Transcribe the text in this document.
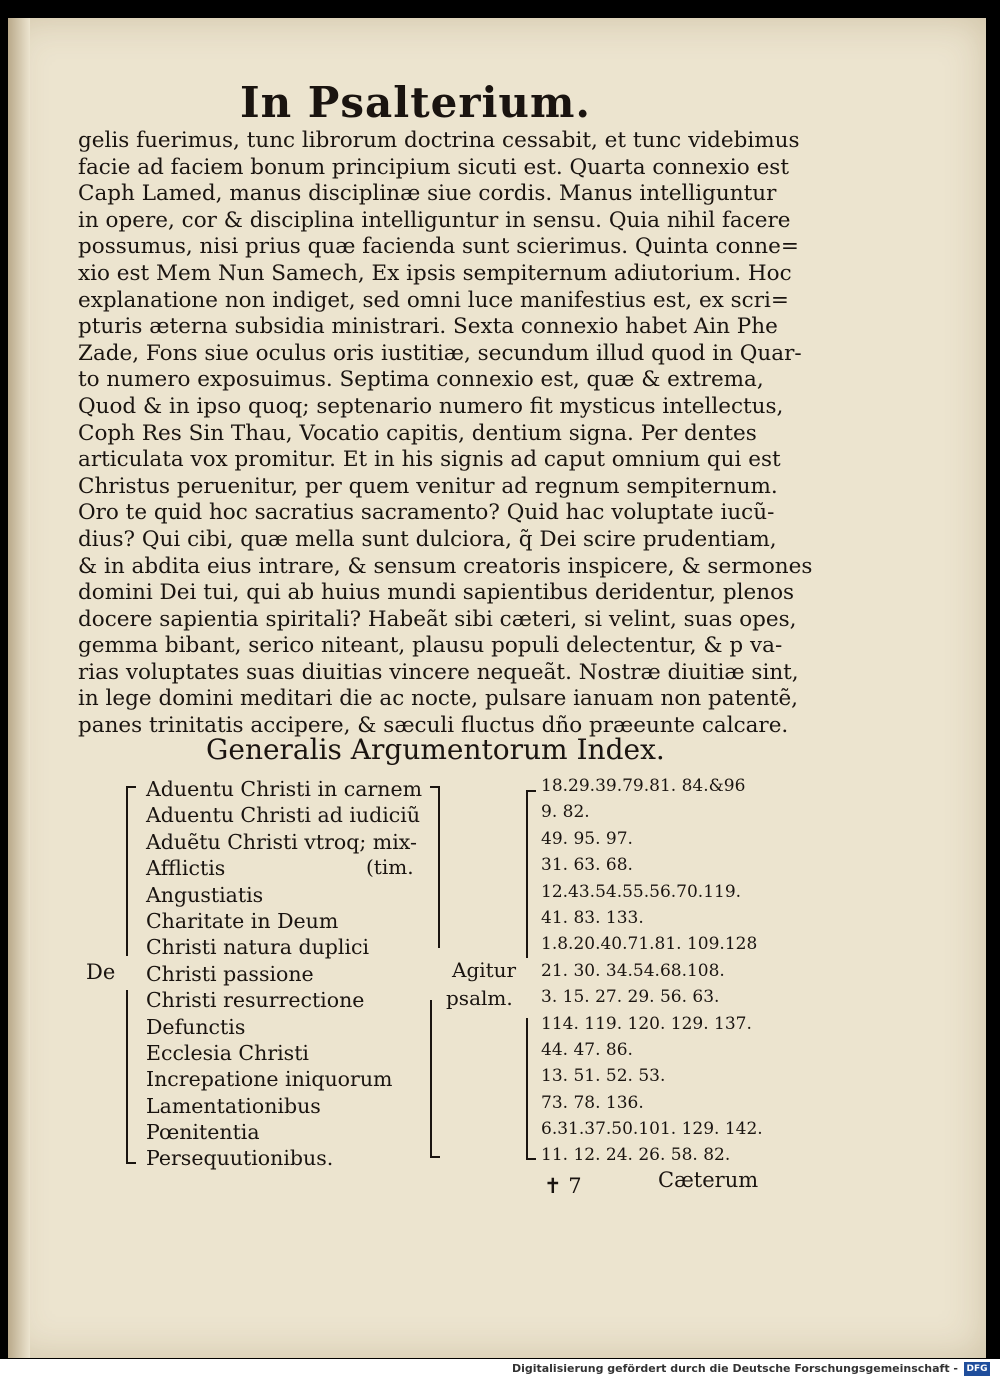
In Psalterium.
gelis fuerimus, tunc librorum doctrina cessabit, et tunc videbimus
facie ad faciem bonum principium sicuti est. Quarta connexio est
Caph Lamed, manus disciplinæ siue cordis. Manus intelliguntur
in opere, cor & disciplina intelliguntur in sensu. Quia nihil facere
possumus, nisi prius quæ facienda sunt scierimus. Quinta conne=
xio est Mem Nun Samech, Ex ipsis sempiternum adiutorium. Hoc
explanatione non indiget, sed omni luce manifestius est, ex scri=
pturis æterna subsidia ministrari. Sexta connexio habet Ain Phe
Zade, Fons siue oculus oris iustitiæ, secundum illud quod in Quar-
to numero exposuimus. Septima connexio est, quæ & extrema,
Quod & in ipso quoq; septenario numero fit mysticus intellectus,
Coph Res Sin Thau, Vocatio capitis, dentium signa. Per dentes
articulata vox promitur. Et in his signis ad caput omnium qui est
Christus peruenitur, per quem venitur ad regnum sempiternum.
Oro te quid hoc sacratius sacramento? Quid hac voluptate iucũ-
dius? Qui cibi, quæ mella sunt dulciora, q̃ Dei scire prudentiam,
& in abdita eius intrare, & sensum creatoris inspicere, & sermones
domini Dei tui, qui ab huius mundi sapientibus deridentur, plenos
docere sapientia spiritali? Habeãt sibi cæteri, si velint, suas opes,
gemma bibant, serico niteant, plausu populi delectentur, & p va-
rias voluptates suas diuitias vincere nequeãt. Nostræ diuitiæ sint,
in lege domini meditari die ac nocte, pulsare ianuam non patentẽ,
panes trinitatis accipere, & sæculi fluctus dño præeunte calcare.
Generalis Argumentorum Index.
De
(tim.
Agitur
psalm.
Aduentu Christi in carnem
Aduentu Christi ad iudiciũ
Aduẽtu Christi vtroq; mix-
Afflictis
Angustiatis
Charitate in Deum
Christi natura duplici
Christi passione
Christi resurrectione
Defunctis
Ecclesia Christi
Increpatione iniquorum
Lamentationibus
Pœnitentia
Persequutionibus.
18.29.39.79.81. 84.&96
9. 82.
49. 95. 97.
31. 63. 68.
12.43.54.55.56.70.119.
41. 83. 133.
1.8.20.40.71.81. 109.128
21. 30. 34.54.68.108.
3. 15. 27. 29. 56. 63.
114. 119. 120. 129. 137.
44. 47. 86.
13. 51. 52. 53.
73. 78. 136.
6.31.37.50.101. 129. 142.
11. 12. 24. 26. 58. 82.
✝ 7	Cæterum
Digitalisierung gefördert durch die Deutsche Forschungsgemeinschaft - DFG
